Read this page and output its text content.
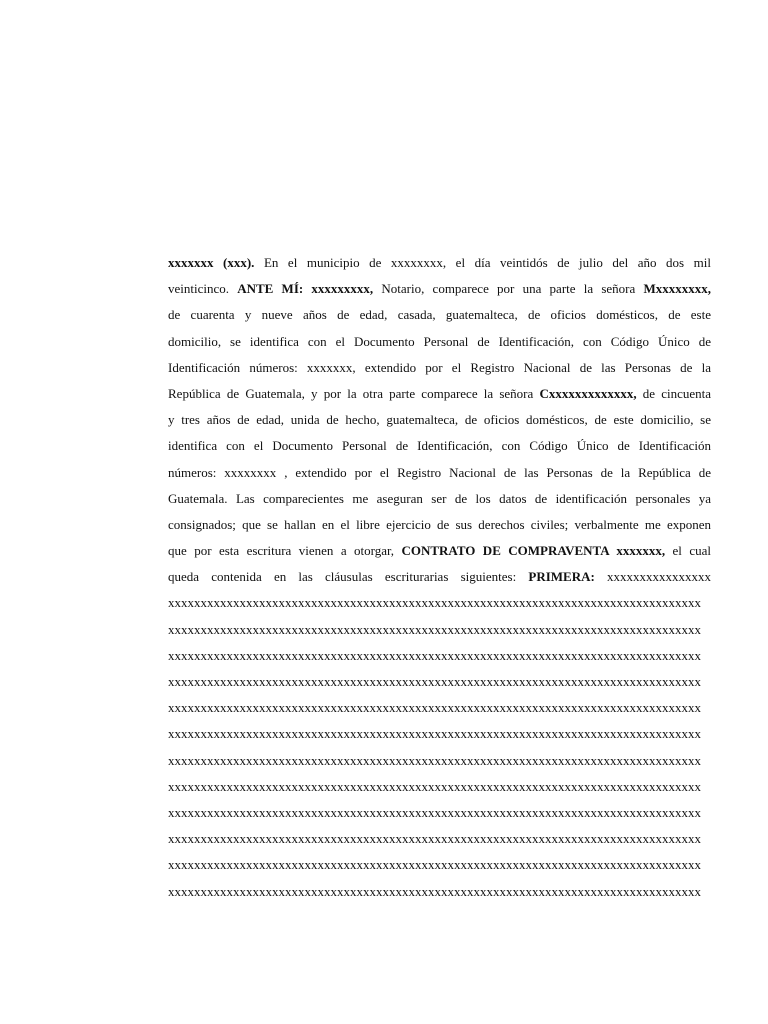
xxxxxxx (xxx). En el municipio de xxxxxxxx, el día veintidós de julio del año dos mil
veinticinco. ANTE MÍ: xxxxxxxxx, Notario, comparece por una parte la señora Mxxxxxxxx,
de cuarenta y nueve años de edad, casada, guatemalteca, de oficios domésticos, de este
domicilio, se identifica con el Documento Personal de Identificación, con Código Único de
Identificación números: xxxxxxx, extendido por el Registro Nacional de las Personas de la
República de Guatemala, y por la otra parte comparece la señora Cxxxxxxxxxxxxx, de cincuenta
y tres años de edad, unida de hecho, guatemalteca, de oficios domésticos, de este domicilio, se
identifica con el Documento Personal de Identificación, con Código Único de Identificación
números: xxxxxxxx , extendido por el Registro Nacional de las Personas de la República de
Guatemala. Las comparecientes me aseguran ser de los datos de identificación personales ya
consignados; que se hallan en el libre ejercicio de sus derechos civiles; verbalmente me exponen
que por esta escritura vienen a otorgar, CONTRATO DE COMPRAVENTA xxxxxxx, el cual
queda contenida en las cláusulas escriturarias siguientes: PRIMERA: xxxxxxxxxxxxxxxx
xxxxxxxxxxxxxxxxxxxxxxxxxxxxxxxxxxxxxxxxxxxxxxxxxxxxxxxxxxxxxxxxxxxxxxxxxxxxxxxxxx
xxxxxxxxxxxxxxxxxxxxxxxxxxxxxxxxxxxxxxxxxxxxxxxxxxxxxxxxxxxxxxxxxxxxxxxxxxxxxxxxxx
xxxxxxxxxxxxxxxxxxxxxxxxxxxxxxxxxxxxxxxxxxxxxxxxxxxxxxxxxxxxxxxxxxxxxxxxxxxxxxxxxx
xxxxxxxxxxxxxxxxxxxxxxxxxxxxxxxxxxxxxxxxxxxxxxxxxxxxxxxxxxxxxxxxxxxxxxxxxxxxxxxxxx
xxxxxxxxxxxxxxxxxxxxxxxxxxxxxxxxxxxxxxxxxxxxxxxxxxxxxxxxxxxxxxxxxxxxxxxxxxxxxxxxxx
xxxxxxxxxxxxxxxxxxxxxxxxxxxxxxxxxxxxxxxxxxxxxxxxxxxxxxxxxxxxxxxxxxxxxxxxxxxxxxxxxx
xxxxxxxxxxxxxxxxxxxxxxxxxxxxxxxxxxxxxxxxxxxxxxxxxxxxxxxxxxxxxxxxxxxxxxxxxxxxxxxxxx
xxxxxxxxxxxxxxxxxxxxxxxxxxxxxxxxxxxxxxxxxxxxxxxxxxxxxxxxxxxxxxxxxxxxxxxxxxxxxxxxxx
xxxxxxxxxxxxxxxxxxxxxxxxxxxxxxxxxxxxxxxxxxxxxxxxxxxxxxxxxxxxxxxxxxxxxxxxxxxxxxxxxx
xxxxxxxxxxxxxxxxxxxxxxxxxxxxxxxxxxxxxxxxxxxxxxxxxxxxxxxxxxxxxxxxxxxxxxxxxxxxxxxxxx
xxxxxxxxxxxxxxxxxxxxxxxxxxxxxxxxxxxxxxxxxxxxxxxxxxxxxxxxxxxxxxxxxxxxxxxxxxxxxxxxxx
xxxxxxxxxxxxxxxxxxxxxxxxxxxxxxxxxxxxxxxxxxxxxxxxxxxxxxxxxxxxxxxxxxxxxxxxxxxxxxxxxx
